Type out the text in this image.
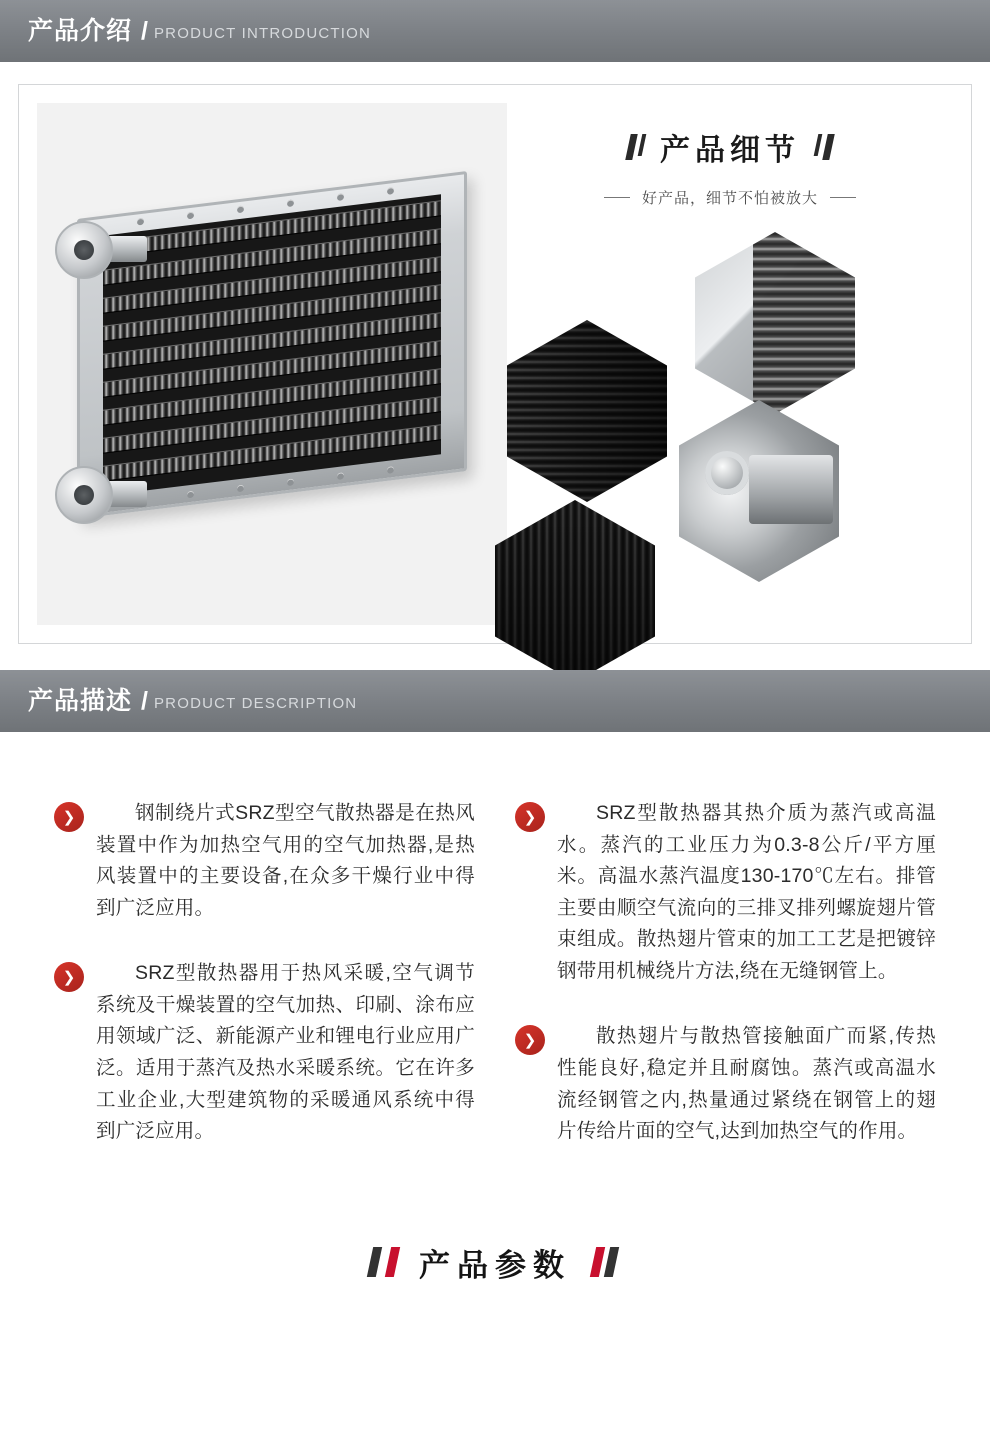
产品介绍 / PRODUCT INTRODUCTION
产品细节
好产品，细节不怕被放大
产品描述 / PRODUCT DESCRIPTION
❯	钢制绕片式SRZ型空气散热器是在热风装置中作为加热空气用的空气加热器,是热风装置中的主要设备,在众多干燥行业中得到广泛应用。
❯	SRZ型散热器用于热风采暖,空气调节系统及干燥装置的空气加热、印刷、涂布应用领域广泛、新能源产业和锂电行业应用广泛。适用于蒸汽及热水采暖系统。它在许多工业企业,大型建筑物的采暖通风系统中得到广泛应用。
❯	SRZ型散热器其热介质为蒸汽或高温水。蒸汽的工业压力为0.3-8公斤/平方厘米。高温水蒸汽温度130-170℃左右。排管主要由顺空气流向的三排叉排列螺旋翅片管束组成。散热翅片管束的加工工艺是把镀锌钢带用机械绕片方法,绕在无缝钢管上。
❯	散热翅片与散热管接触面广而紧,传热性能良好,稳定并且耐腐蚀。蒸汽或高温水流经钢管之内,热量通过紧绕在钢管上的翅片传给片面的空气,达到加热空气的作用。
产品参数
